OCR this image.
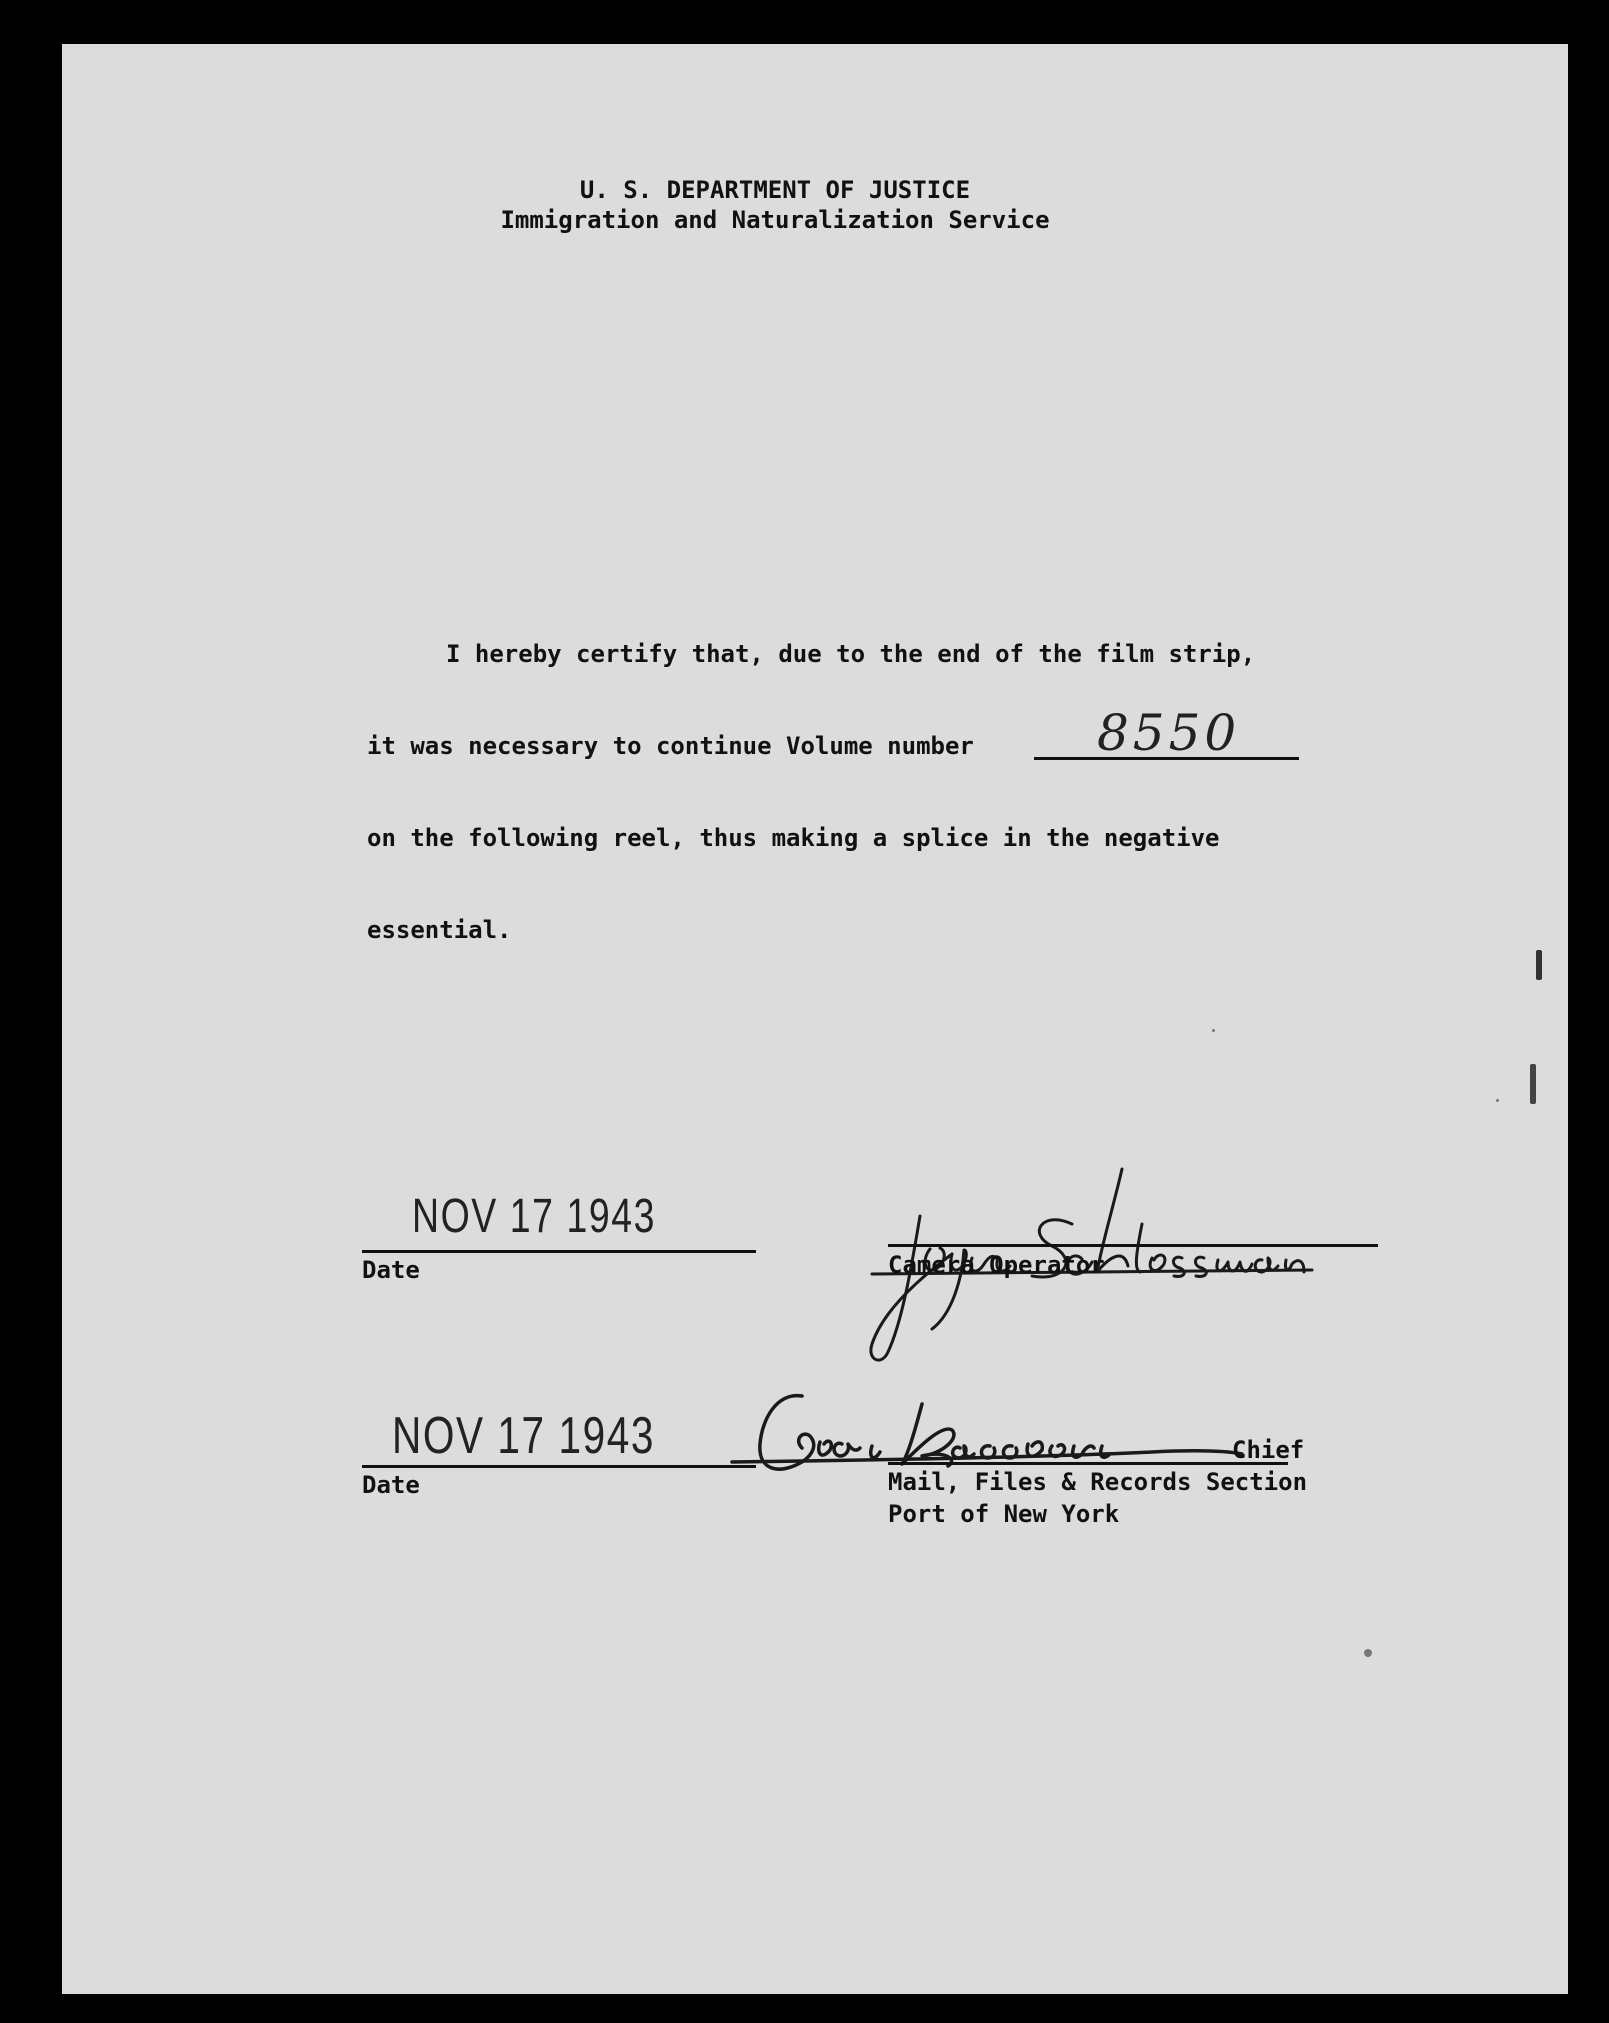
U. S. DEPARTMENT OF JUSTICE
Immigration and Naturalization Service
I hereby certify that, due to the end of the film strip,
it was necessary to continue Volume number 8550
on the following reel, thus making a splice in the negative
essential.
NOV 17 1943
Date	Camera Operator
NOV 17 1943
Date
Chief
Mail, Files & Records Section
Port of New York
